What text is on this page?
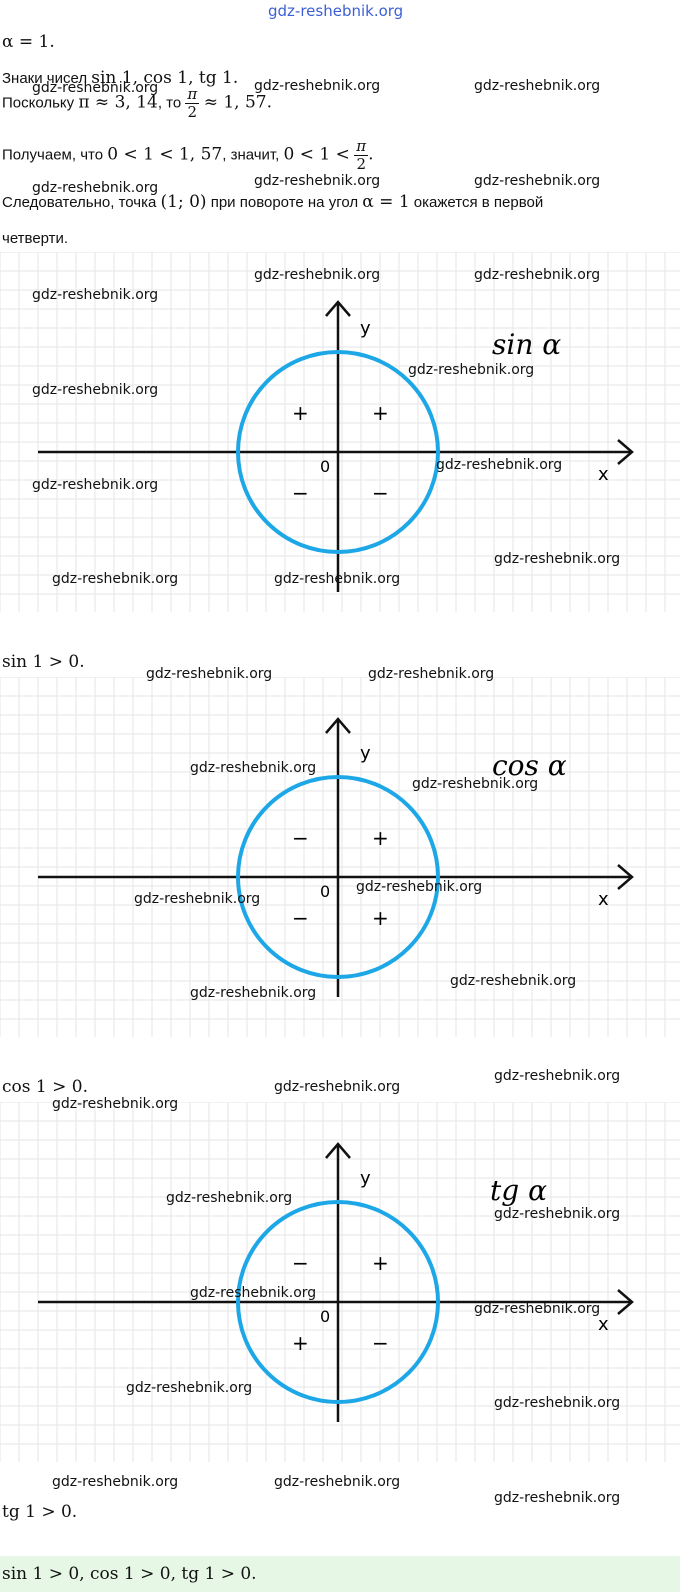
gdz-reshebnik.org
α = 1.
Знаки чисел sin 1, cos 1, tg 1.
Поскольку π ≈ 3, 14, то $\frac{\pi}{2} \approx 1$, 57.
Получаем, что 0 < 1 < 1, 57, значит, $0 < 1 < \frac{\pi}{2}$ .
Следовательно, точка (1; 0) при повороте на угол α = 1 окажется в первой
четверти.
y
x
0
+
+
−	−
sin α
sin 1 > 0.
y
x
0
+
−
−	+
cos α
cos 1 > 0.
y
x
0
+
−
+	−
tg α
tg 1 > 0.
sin 1 > 0, cos 1 > 0, tg 1 > 0.
gdz-reshebnik.org	gdz-reshebnik.org	gdz-reshebnik.org
gdz-reshebnik.org	gdz-reshebnik.org	gdz-reshebnik.org
gdz-reshebnik.org	gdz-reshebnik.org
gdz-reshebnik.org
gdz-reshebnik.org
gdz-reshebnik.org
gdz-reshebnik.org
gdz-reshebnik.org
gdz-reshebnik.org
gdz-reshebnik.org	gdz-reshebnik.org
gdz-reshebnik.org	gdz-reshebnik.org
gdz-reshebnik.org
gdz-reshebnik.org
gdz-reshebnik.org
gdz-reshebnik.org
gdz-reshebnik.org
gdz-reshebnik.org
gdz-reshebnik.org
gdz-reshebnik.org
gdz-reshebnik.org
gdz-reshebnik.org
gdz-reshebnik.org
gdz-reshebnik.org
gdz-reshebnik.org
gdz-reshebnik.org
gdz-reshebnik.org
gdz-reshebnik.org	gdz-reshebnik.org
gdz-reshebnik.org
